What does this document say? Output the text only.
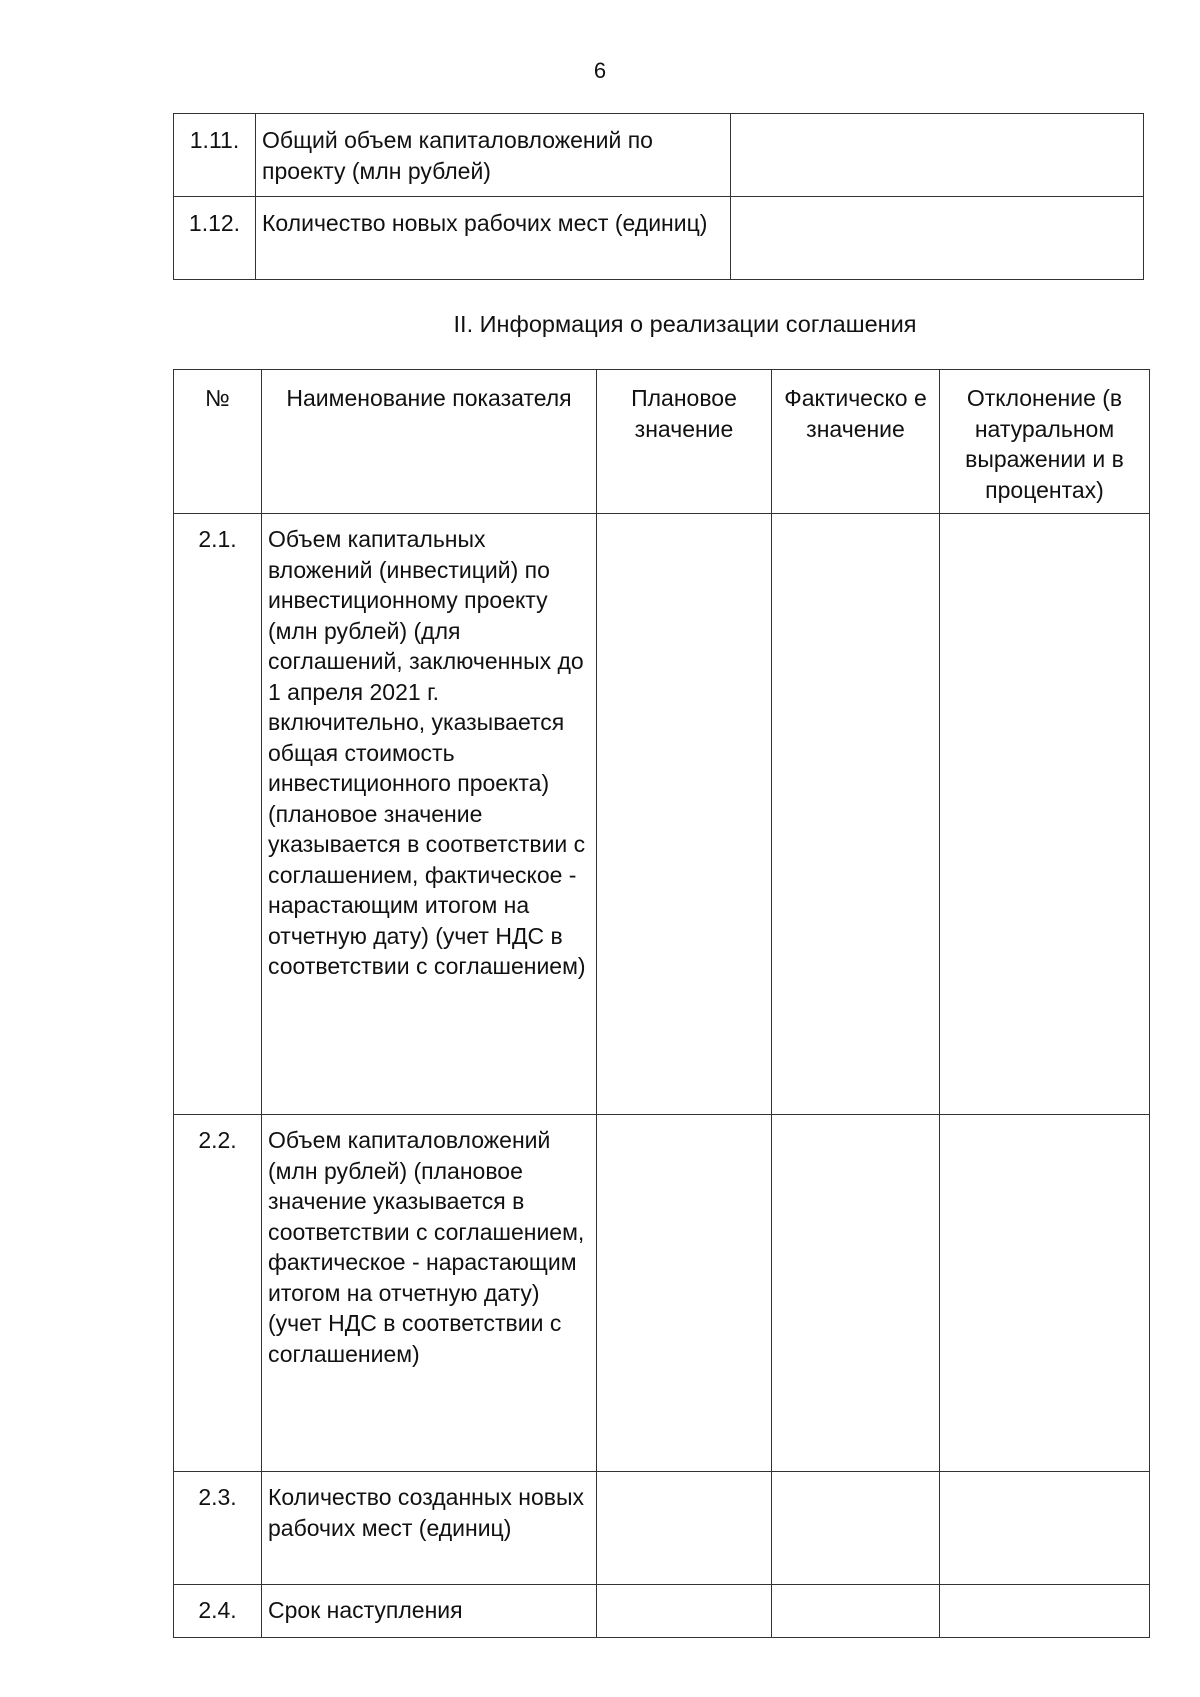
6
1.11.	Общий объем капиталовложений по проекту (млн рублей)	
1.12.	Количество новых рабочих мест (единиц)	
II. Информация о реализации соглашения
№	Наименование показателя	Плановое значение	Фактическо е значение	Отклонение (в натуральном выражении и в процентах)
2.1.	Объем капитальных вложений (инвестиций) по инвестиционному проекту (млн рублей) (для соглашений, заключенных до 1 апреля 2021 г. включительно, указывается общая стоимость инвестиционного проекта) (плановое значение указывается в соответствии с соглашением, фактическое - нарастающим итогом на отчетную дату) (учет НДС в соответствии с соглашением)			
2.2.	Объем капиталовложений (млн рублей) (плановое значение указывается в соответствии с соглашением, фактическое - нарастающим итогом на отчетную дату) (учет НДС в соответствии с соглашением)			
2.3.	Количество созданных новых рабочих мест (единиц)			
2.4.	Срок наступления			
